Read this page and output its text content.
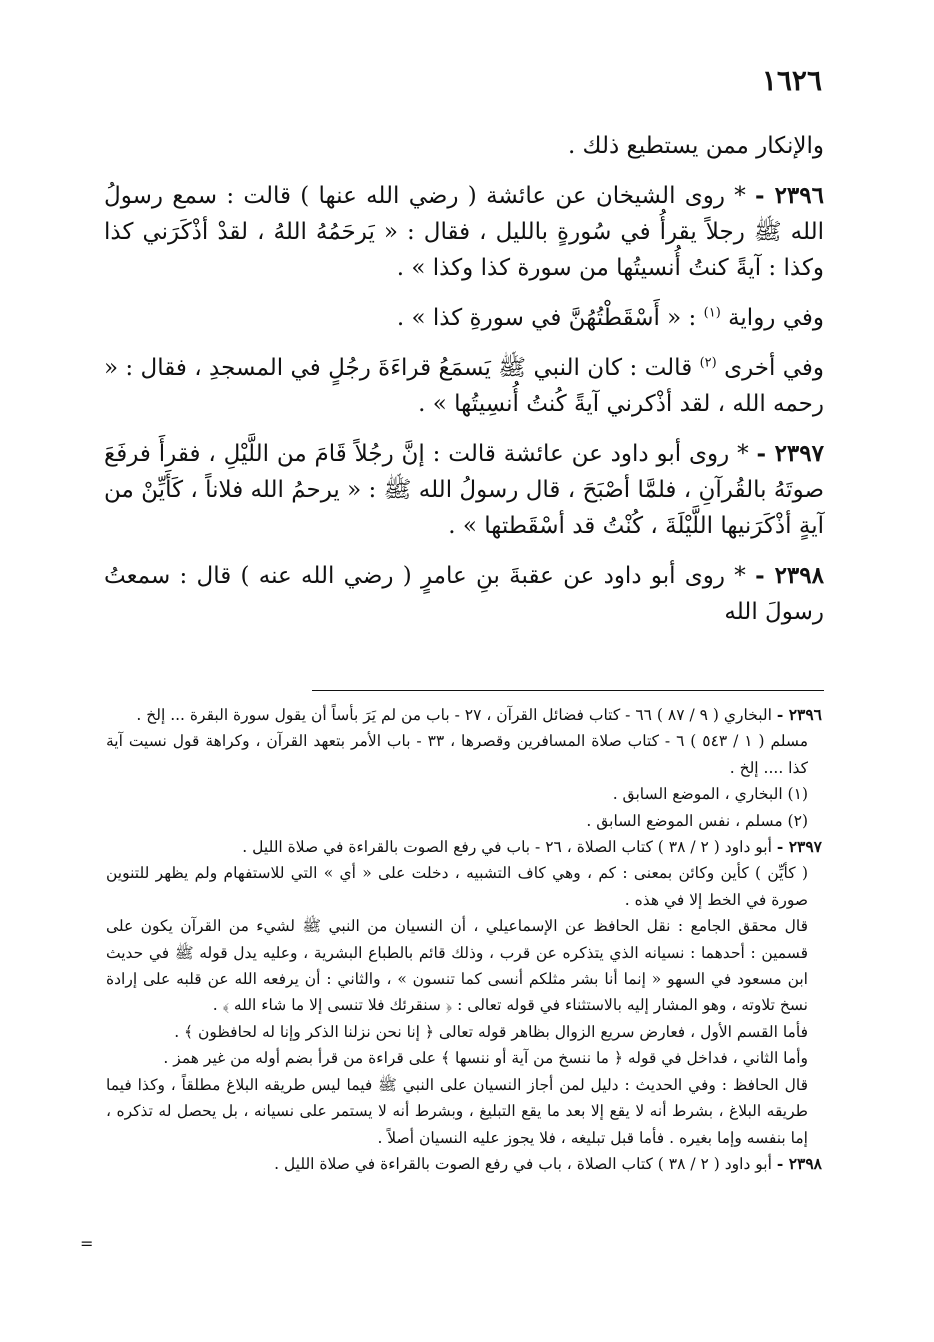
١٦٢٦

والإنكار ممن يستطيع ذلك .

٢٣٩٦ - * روى الشيخان عن عائشة ( رضي الله عنها ) قالت : سمع رسولُ الله ﷺ رجلاً يقرأُ في سُورةٍ بالليل ، فقال : « يَرحَمُهُ اللهُ ، لقدْ أذْكَرَني كذا وكذا : آيةً كنتُ أُنسيتُها من سورة كذا وكذا » .

وفي رواية $^{(١)}$ : « أَسْقَطْتُهُنَّ في سورةِ كذا » .

وفي أخرى $^{(٢)}$ قالت : كان النبي ﷺ يَسمَعُ قراءَةَ رجُلٍ في المسجدِ ، فقال : « رحمه الله ، لقد أذْكرني آيةً كُنتُ أُنسِيتُها » .

٢٣٩٧ - * روى أبو داود عن عائشة قالت : إنَّ رجُلاً قَامَ من اللَّيْلِ ، فقرأَ فرفَعَ صوتَهُ بالقُرآنِ ، فلمَّا أصْبَحَ ، قال رسولُ الله ﷺ : « يرحمُ الله فلاناً ، كَأَيِّنْ من آيةٍ أذْكَرَنيها اللَّيْلَةَ ، كُنْتُ قد أسْقَطتها » .

٢٣٩٨ - * روى أبو داود عن عقبةَ بنِ عامرٍ ( رضي الله عنه ) قال : سمعتُ رسولَ الله

٢٣٩٦ - البخاري ( ٩ / ٨٧ ) ٦٦ - كتاب فضائل القرآن ، ٢٧ - باب من لم يَرَ بأساً أن يقول سورة البقرة ... إلخ .

مسلم ( ١ / ٥٤٣ ) ٦ - كتاب صلاة المسافرين وقصرها ، ٣٣ - باب الأمر بتعهد القرآن ، وكراهة قول نسيت آية كذا .... إلخ .

(١) البخاري ، الموضع السابق .

(٢) مسلم ، نفس الموضع السابق .

٢٣٩٧ - أبو داود ( ٢ / ٣٨ ) كتاب الصلاة ، ٢٦ - باب في رفع الصوت بالقراءة في صلاة الليل .

( كأيِّن ) كأين وكائن بمعنى : كم ، وهي كاف التشبيه ، دخلت على « أي » التي للاستفهام ولم يظهر للتنوين صورة في الخط إلا في هذه .

قال محقق الجامع : نقل الحافظ عن الإسماعيلي ، أن النسيان من النبي ﷺ لشيء من القرآن يكون على قسمين : أحدهما : نسيانه الذي يتذكره عن قرب ، وذلك قائم بالطباع البشرية ، وعليه يدل قوله ﷺ في حديث ابن مسعود في السهو « إنما أنا بشر مثلكم أنسى كما تنسون » ، والثاني : أن يرفعه الله عن قلبه على إرادة نسخ تلاوته ، وهو المشار إليه بالاستثناء في قوله تعالى : ﴿ سنقرئك فلا تنسى إلا ما شاء الله ﴾ .

فأما القسم الأول ، فعارض سريع الزوال بظاهر قوله تعالى ﴿ إنا نحن نزلنا الذكر وإنا له لحافظون ﴾ .

وأما الثاني ، فداخل في قوله ﴿ ما ننسخ من آية أو ننسها ﴾ على قراءة من قرأ بضم أوله من غير همز .

قال الحافظ : وفي الحديث : دليل لمن أجاز النسيان على النبي ﷺ فيما ليس طريقه البلاغ مطلقاً ، وكذا فيما طريقه البلاغ ، بشرط أنه لا يقع إلا بعد ما يقع التبليغ ، وبشرط أنه لا يستمر على نسيانه ، بل يحصل له تذكره ، إما بنفسه وإما بغيره . فأما قبل تبليغه ، فلا يجوز عليه النسيان أصلاً .

٢٣٩٨ - أبو داود ( ٢ / ٣٨ ) كتاب الصلاة ، باب في رفع الصوت بالقراءة في صلاة الليل .

=
